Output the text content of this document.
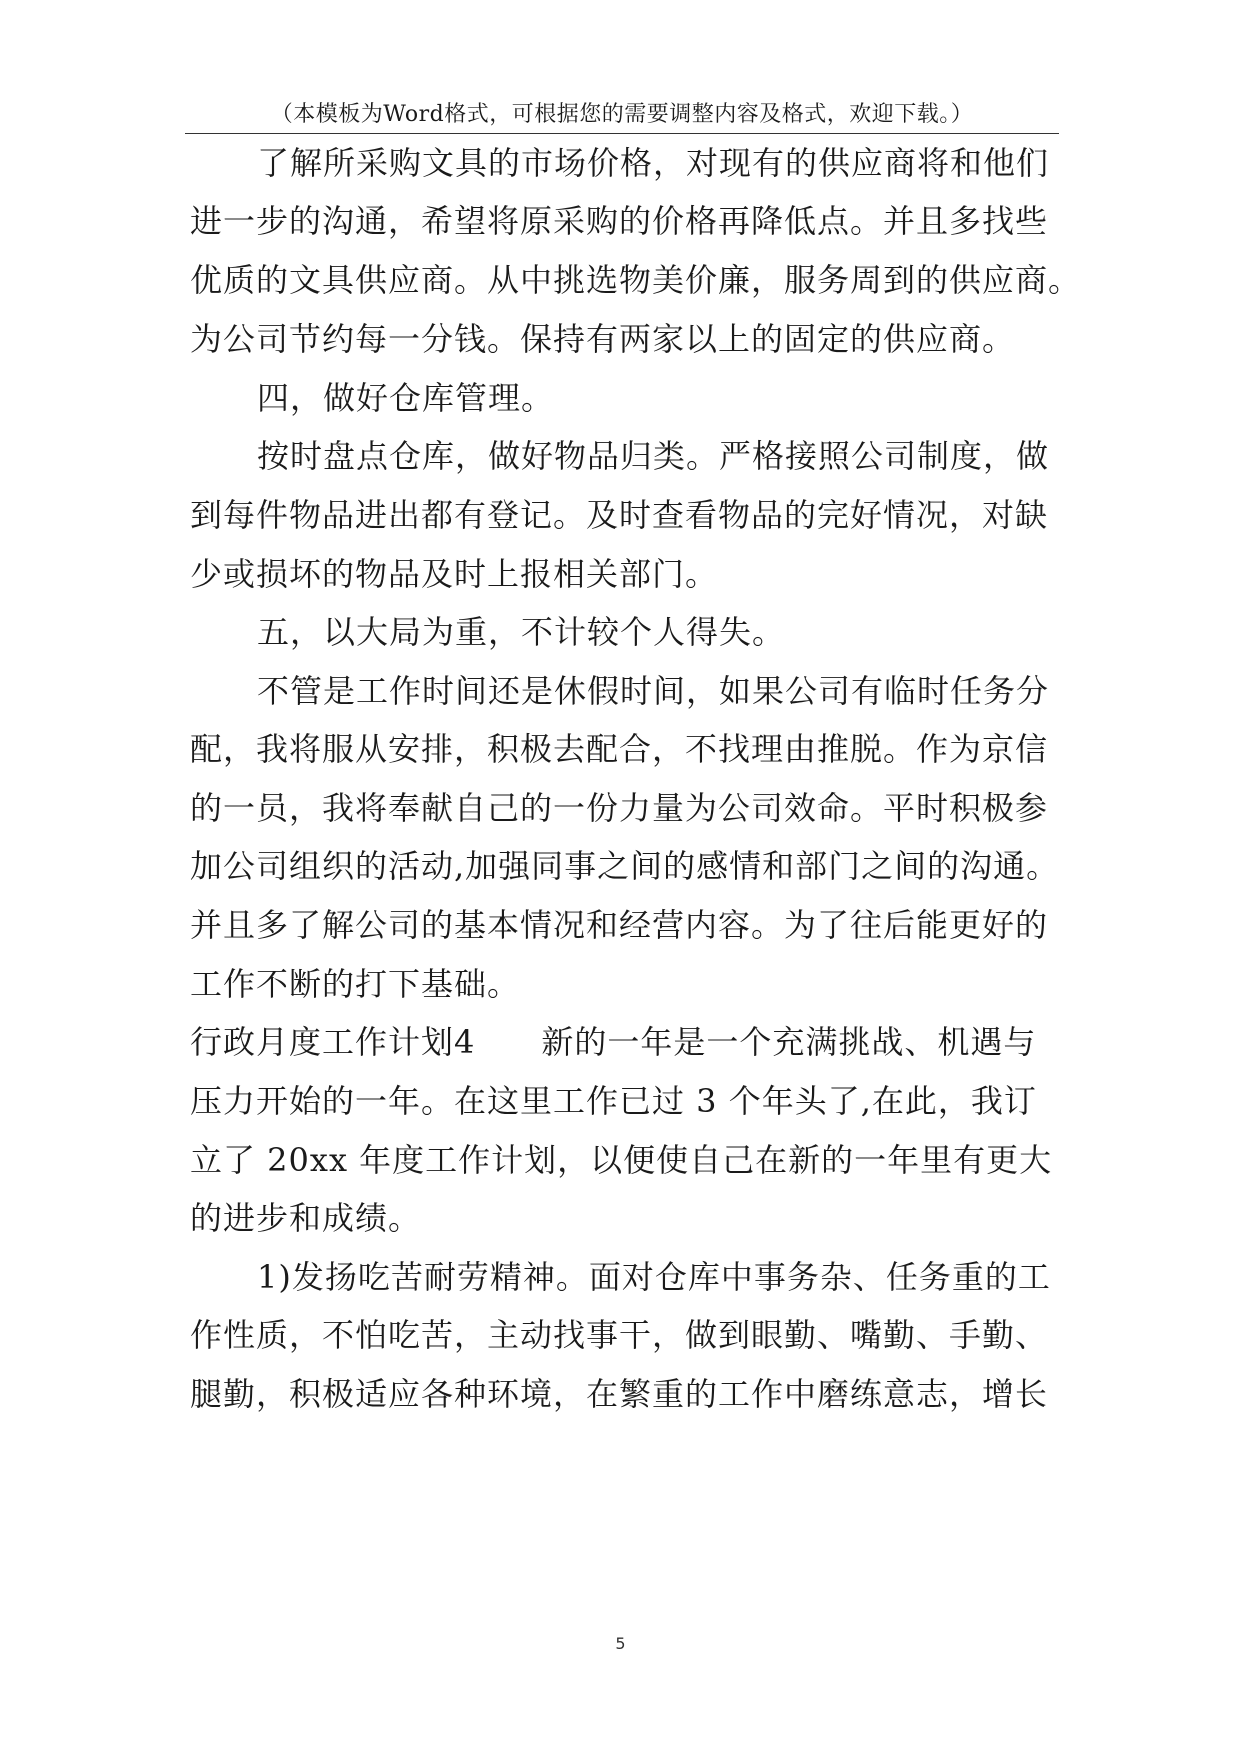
（本模板为Word格式，可根据您的需要调整内容及格式，欢迎下载。）
了解所采购文具的市场价格，对现有的供应商将和他们
进一步的沟通，希望将原采购的价格再降低点。并且多找些
优质的文具供应商。从中挑选物美价廉，服务周到的供应商。
为公司节约每一分钱。保持有两家以上的固定的供应商。
四，做好仓库管理。
按时盘点仓库，做好物品归类。严格接照公司制度，做
到每件物品进出都有登记。及时查看物品的完好情况，对缺
少或损坏的物品及时上报相关部门。
五，以大局为重，不计较个人得失。
不管是工作时间还是休假时间，如果公司有临时任务分
配，我将服从安排，积极去配合，不找理由推脱。作为京信
的一员，我将奉献自己的一份力量为公司效命。平时积极参
加公司组织的活动,加强同事之间的感情和部门之间的沟通。
并且多了解公司的基本情况和经营内容。为了往后能更好的
工作不断的打下基础。
行政月度工作计划4　　新的一年是一个充满挑战、机遇与
压力开始的一年。在这里工作已过 3 个年头了,在此，我订
立了 20xx 年度工作计划，以便使自己在新的一年里有更大
的进步和成绩。
1)发扬吃苦耐劳精神。面对仓库中事务杂、任务重的工
作性质，不怕吃苦，主动找事干，做到眼勤、嘴勤、手勤、
腿勤，积极适应各种环境，在繁重的工作中磨练意志，增长
5
